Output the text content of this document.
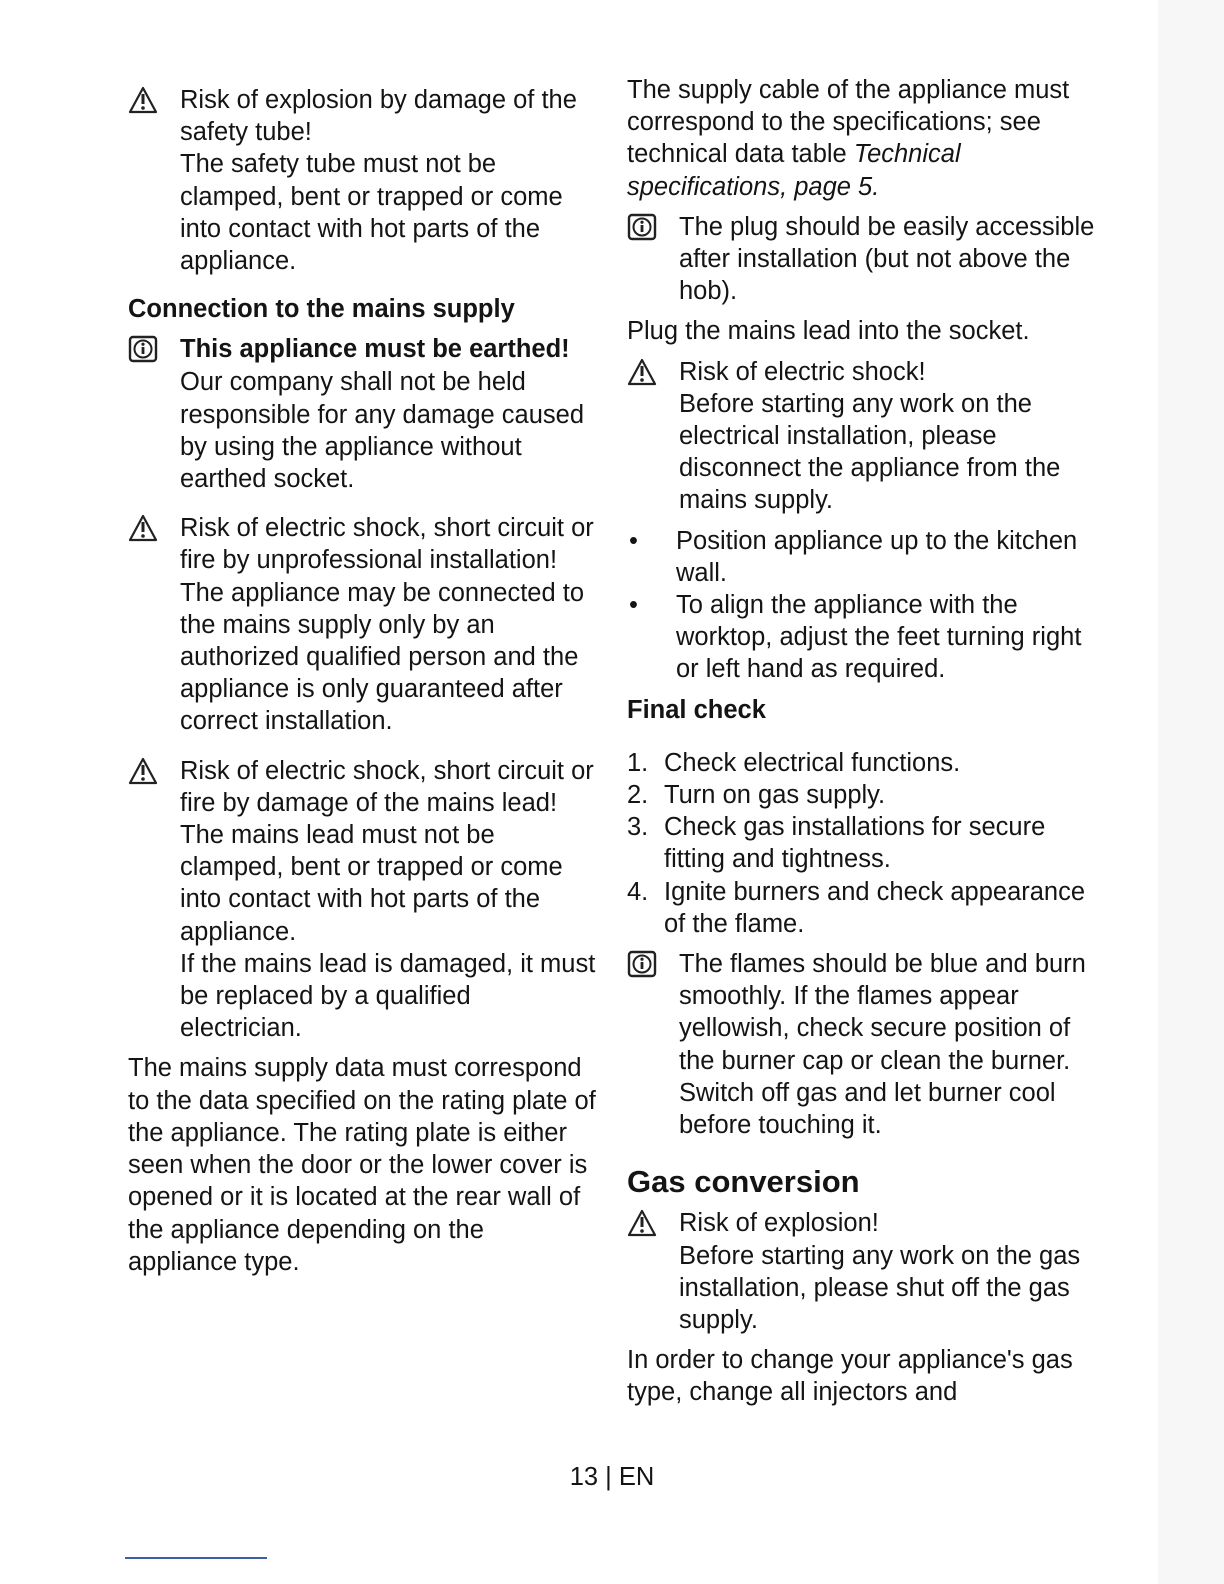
Risk of explosion by damage of the safety tube!

The safety tube must not be clamped, bent or trapped or come into contact with hot parts of the appliance.

Connection to the mains supply

This appliance must be earthed!

Our company shall not be held responsible for any damage caused by using the appliance without earthed socket.

Risk of electric shock, short circuit or fire by unprofessional installation!

The appliance may be connected to the mains supply only by an authorized qualified person and the appliance is only guaranteed after correct installation.

Risk of electric shock, short circuit or fire by damage of the mains lead!

The mains lead must not be clamped, bent or trapped or come into contact with hot parts of the appliance.

If the mains lead is damaged, it must be replaced by a qualified electrician.

The mains supply data must correspond to the data specified on the rating plate of the appliance. The rating plate is either seen when the door or the lower cover is opened or it is located at the rear wall of the appliance depending on the appliance type.

The supply cable of the appliance must correspond to the specifications; see technical data table Technical specifications, page 5.

The plug should be easily accessible after installation (but not above the hob).

Plug the mains lead into the socket.

Risk of electric shock!

Before starting any work on the electrical installation, please disconnect the appliance from the mains supply.

•	Position appliance up to the kitchen wall.
•	To align the appliance with the worktop, adjust the feet turning right or left hand as required.

Final check

1. Check electrical functions.
2. Turn on gas supply.
3. Check gas installations for secure fitting and tightness.
4. Ignite burners and check appearance of the flame.

The flames should be blue and burn smoothly. If the flames appear yellowish, check secure position of the burner cap or clean the burner. Switch off gas and let burner cool before touching it.

Gas conversion

Risk of explosion!

Before starting any work on the gas installation, please shut off the gas supply.

In order to change your appliance's gas type, change all injectors and

13 | EN
